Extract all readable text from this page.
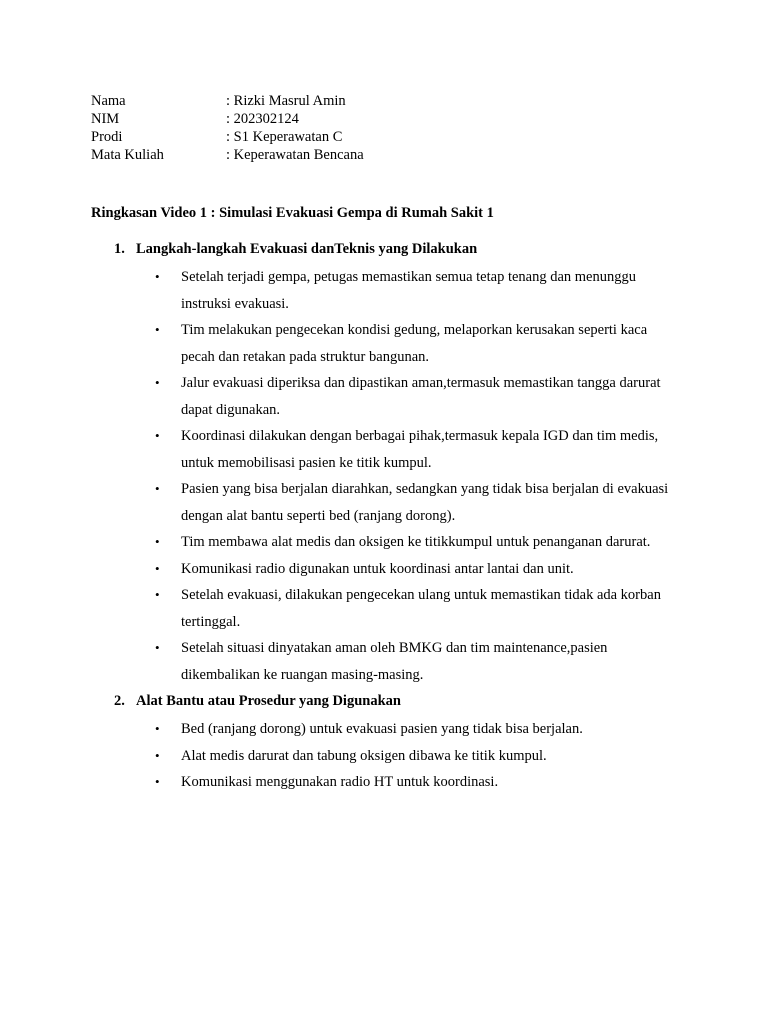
Nama	: Rizki Masrul Amin
NIM	: 202302124
Prodi	: S1 Keperawatan C
Mata Kuliah	: Keperawatan Bencana
Ringkasan Video 1 : Simulasi Evakuasi Gempa di Rumah Sakit 1
1. Langkah-langkah Evakuasi danTeknis yang Dilakukan
• Setelah terjadi gempa, petugas memastikan semua tetap tenang dan menunggu instruksi evakuasi.
• Tim melakukan pengecekan kondisi gedung, melaporkan kerusakan seperti kaca pecah dan retakan pada struktur bangunan.
• Jalur evakuasi diperiksa dan dipastikan aman,termasuk memastikan tangga darurat dapat digunakan.
• Koordinasi dilakukan dengan berbagai pihak,termasuk kepala IGD dan tim medis, untuk memobilisasi pasien ke titik kumpul.
• Pasien yang bisa berjalan diarahkan, sedangkan yang tidak bisa berjalan di evakuasi dengan alat bantu seperti bed (ranjang dorong).
• Tim membawa alat medis dan oksigen ke titikkumpul untuk penanganan darurat.
• Komunikasi radio digunakan untuk koordinasi antar lantai dan unit.
• Setelah evakuasi, dilakukan pengecekan ulang untuk memastikan tidak ada korban tertinggal.
• Setelah situasi dinyatakan aman oleh BMKG dan tim maintenance,pasien dikembalikan ke ruangan masing-masing.
2. Alat Bantu atau Prosedur yang Digunakan
• Bed (ranjang dorong) untuk evakuasi pasien yang tidak bisa berjalan.
• Alat medis darurat dan tabung oksigen dibawa ke titik kumpul.
• Komunikasi menggunakan radio HT untuk koordinasi.
